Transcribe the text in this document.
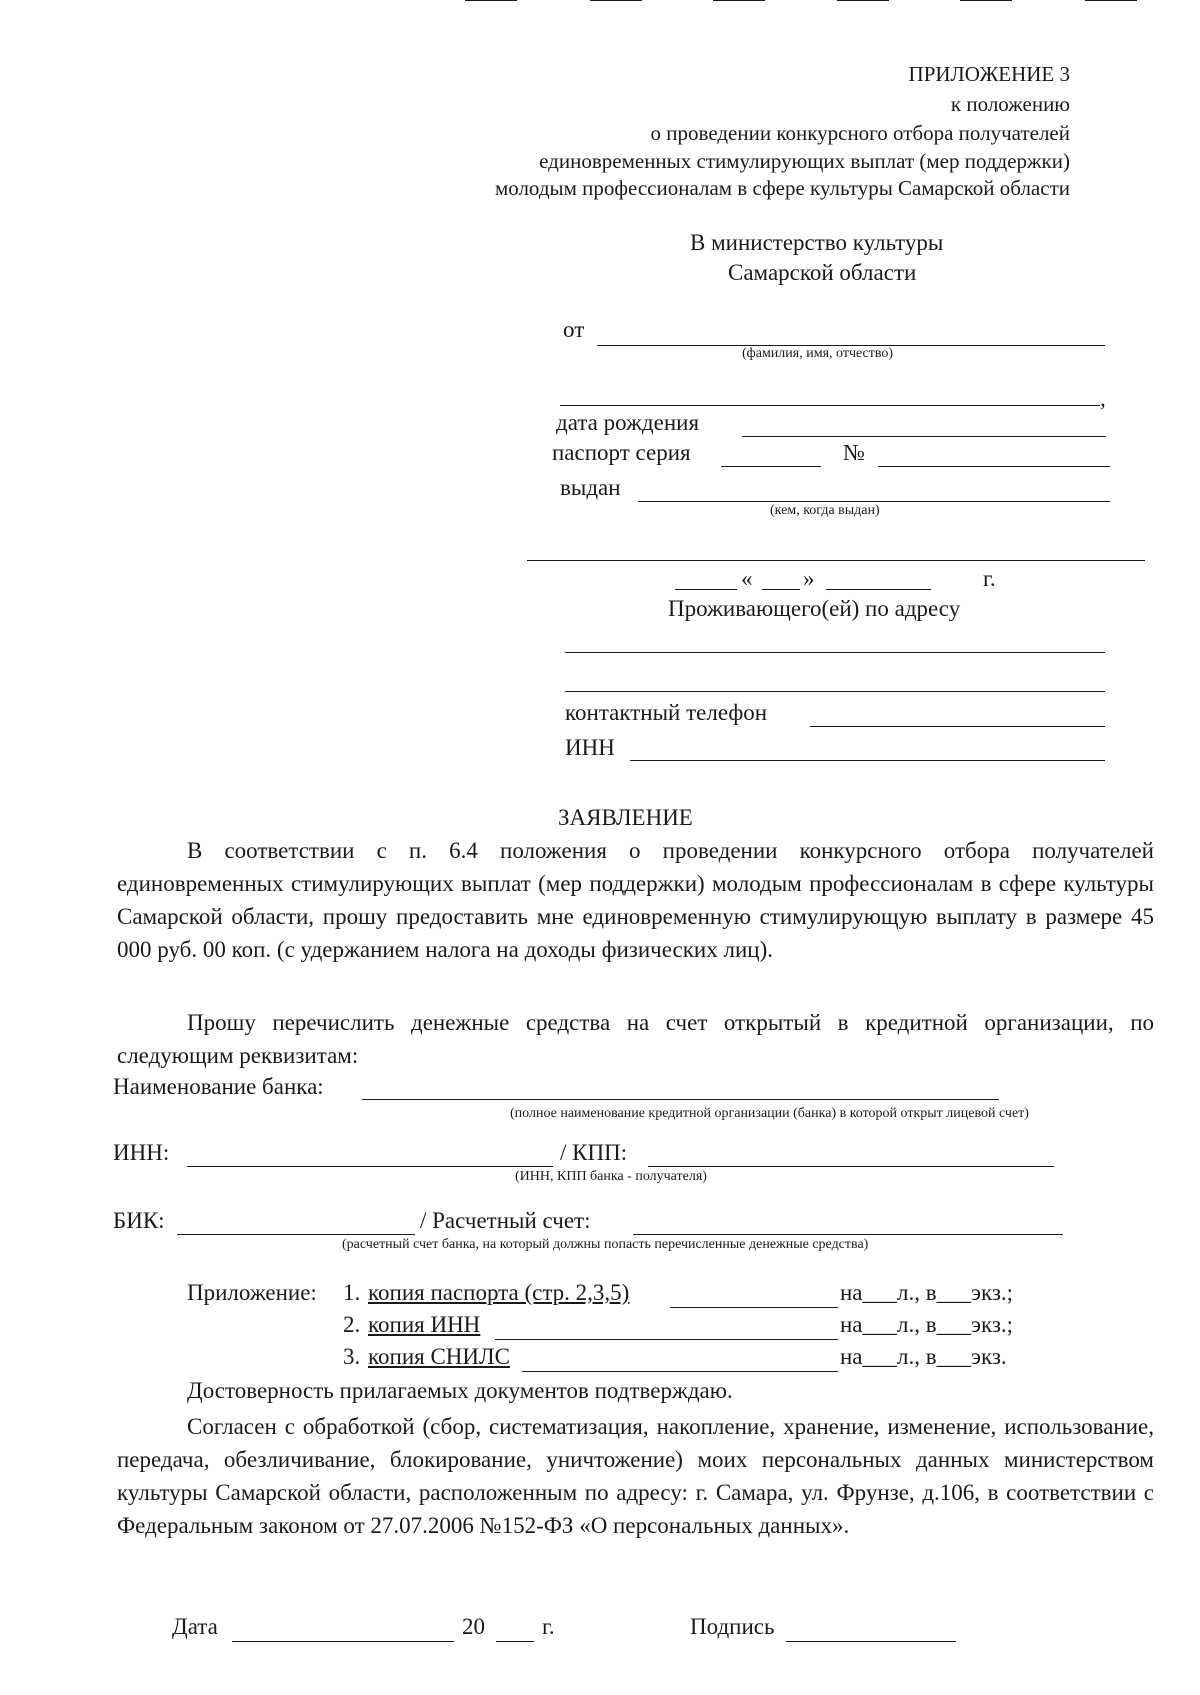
ПРИЛОЖЕНИЕ 3
к положению
о проведении конкурсного отбора получателей
единовременных стимулирующих выплат (мер поддержки)
молодым профессионалам в сфере культуры Самарской области
В министерство культуры
Самарской области
от
(фамилия, имя, отчество)
,
дата рождения
паспорт серия	№
выдан
(кем, когда выдан)
« »	г.
Проживающего(ей) по адресу
контактный телефон
ИНН
ЗАЯВЛЕНИЕ
В соответствии с п. 6.4 положения о проведении конкурсного отбора получателей единовременных стимулирующих выплат (мер поддержки) молодым профессионалам в сфере культуры Самарской области, прошу предоставить мне единовременную стимулирующую выплату в размере 45 000 руб. 00 коп. (с удержанием налога на доходы физических лиц).
Прошу перечислить денежные средства на счет открытый в кредитной организации, по следующим реквизитам:
Наименование банка:
(полное наименование кредитной организации (банка) в которой открыт лицевой счет)
ИНН:	/ КПП:
(ИНН, КПП банка - получателя)
БИК:	/ Расчетный счет:
(расчетный счет банка, на который должны попасть перечисленные денежные средства)
Приложение: 1. копия паспорта (стр. 2,3,5)	на___л., в___экз.;
2. копия ИНН	на___л., в___экз.;
3. копия СНИЛС	на___л., в___экз.
Достоверность прилагаемых документов подтверждаю.
Согласен с обработкой (сбор, систематизация, накопление, хранение, изменение, использование, передача, обезличивание, блокирование, уничтожение) моих персональных данных министерством культуры Самарской области, расположенным по адресу: г. Самара, ул. Фрунзе, д.106, в соответствии с Федеральным законом от 27.07.2006 №152-ФЗ «О персональных данных».
Дата	20 г.	Подпись
